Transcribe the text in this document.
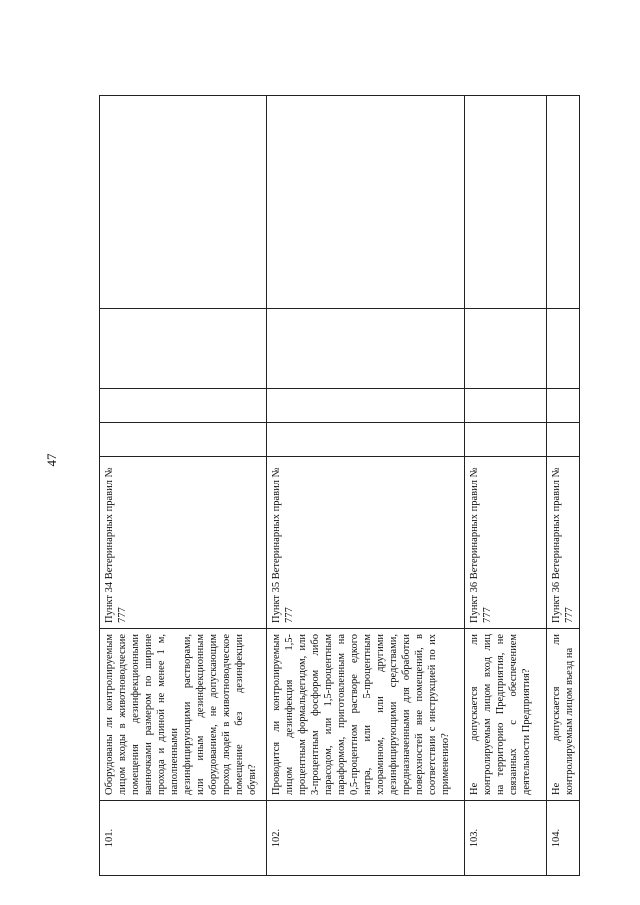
47
101.	Оборудованы ли контролируемым лицом входы в животноводческие помещения дезинфекционными ванночками размером по ширине прохода и длиной не менее 1 м, наполненными дезинфицирующими растворами, или иным дезинфекционным оборудованием, не допускающим проход людей в животноводческое помещение без дезинфекции обуви?	Пункт 34 Ветеринарных правил № 777				
102.	Проводится ли контролируемым лицом дезинфекция 1,5-процентным формальдегидом, или 3-процентным фосфором либо парасодом, или 1,5-процентным параформом, приготовленным на 0,5-процентном растворе едкого натра, или 5-процентным хлорамином, или другими дезинфицирующими средствами, предназначенными для обработки поверхностей вне помещений, в соответствии с инструкцией по их применению?	Пункт 35 Ветеринарных правил № 777				
103.	Не допускается ли контролируемым лицом вход лиц на территорию Предприятия, не связанных с обеспечением деятельности Предприятия?	Пункт 36 Ветеринарных правил № 777				
104.	Не допускается ли контролируемым лицом въезд на	Пункт 36 Ветеринарных правил № 777				
